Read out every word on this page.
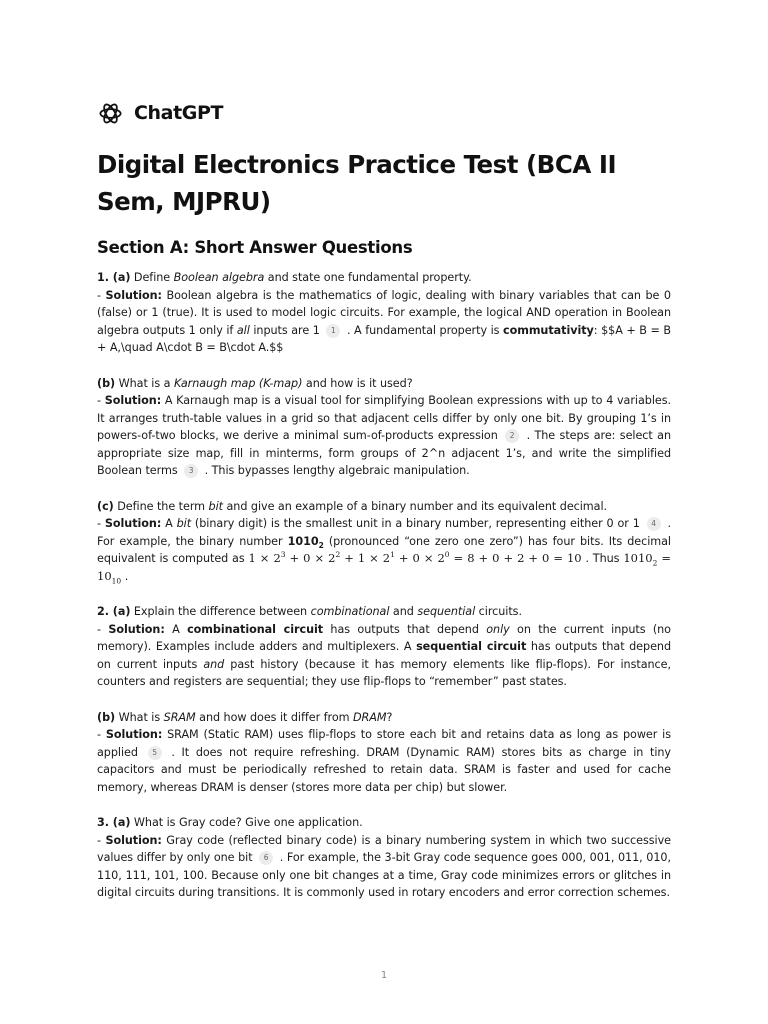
ChatGPT
Digital Electronics Practice Test (BCA II Sem, MJPRU)
Section A: Short Answer Questions

1. (a) Define Boolean algebra and state one fundamental property.

- Solution: Boolean algebra is the mathematics of logic, dealing with binary variables that can be 0 (false) or 1 (true). It is used to model logic circuits. For example, the logical AND operation in Boolean algebra outputs 1 only if all inputs are 1 1 . A fundamental property is commutativity: $$A + B = B + A,\quad A\cdot B = B\cdot A.$$

(b) What is a Karnaugh map (K-map) and how is it used?

- Solution: A Karnaugh map is a visual tool for simplifying Boolean expressions with up to 4 variables. It arranges truth-table values in a grid so that adjacent cells differ by only one bit. By grouping 1’s in powers-of-two blocks, we derive a minimal sum-of-products expression 2 . The steps are: select an appropriate size map, fill in minterms, form groups of 2^n adjacent 1’s, and write the simplified Boolean terms 3 . This bypasses lengthy algebraic manipulation.

(c) Define the term bit and give an example of a binary number and its equivalent decimal.

- Solution: A bit (binary digit) is the smallest unit in a binary number, representing either 0 or 1 4 . For example, the binary number $1010_2$ (pronounced “one zero one zero”) has four bits. Its decimal equivalent is computed as $1 \times 2^3 + 0 \times 2^2 + 1 \times 2^1 + 0 \times 2^0 = 8 + 0 + 2 + 0 = 10$ . Thus $1010_2 = 10_{10}$ .

2. (a) Explain the difference between combinational and sequential circuits.

- Solution: A combinational circuit has outputs that depend only on the current inputs (no memory). Examples include adders and multiplexers. A sequential circuit has outputs that depend on current inputs and past history (because it has memory elements like flip-flops). For instance, counters and registers are sequential; they use flip-flops to “remember” past states.

(b) What is SRAM and how does it differ from DRAM?

- Solution: SRAM (Static RAM) uses flip-flops to store each bit and retains data as long as power is applied 5 . It does not require refreshing. DRAM (Dynamic RAM) stores bits as charge in tiny capacitors and must be periodically refreshed to retain data. SRAM is faster and used for cache memory, whereas DRAM is denser (stores more data per chip) but slower.

3. (a) What is Gray code? Give one application.

- Solution: Gray code (reflected binary code) is a binary numbering system in which two successive values differ by only one bit 6 . For example, the 3-bit Gray code sequence goes 000, 001, 011, 010, 110, 111, 101, 100. Because only one bit changes at a time, Gray code minimizes errors or glitches in digital circuits during transitions. It is commonly used in rotary encoders and error correction schemes.

1
